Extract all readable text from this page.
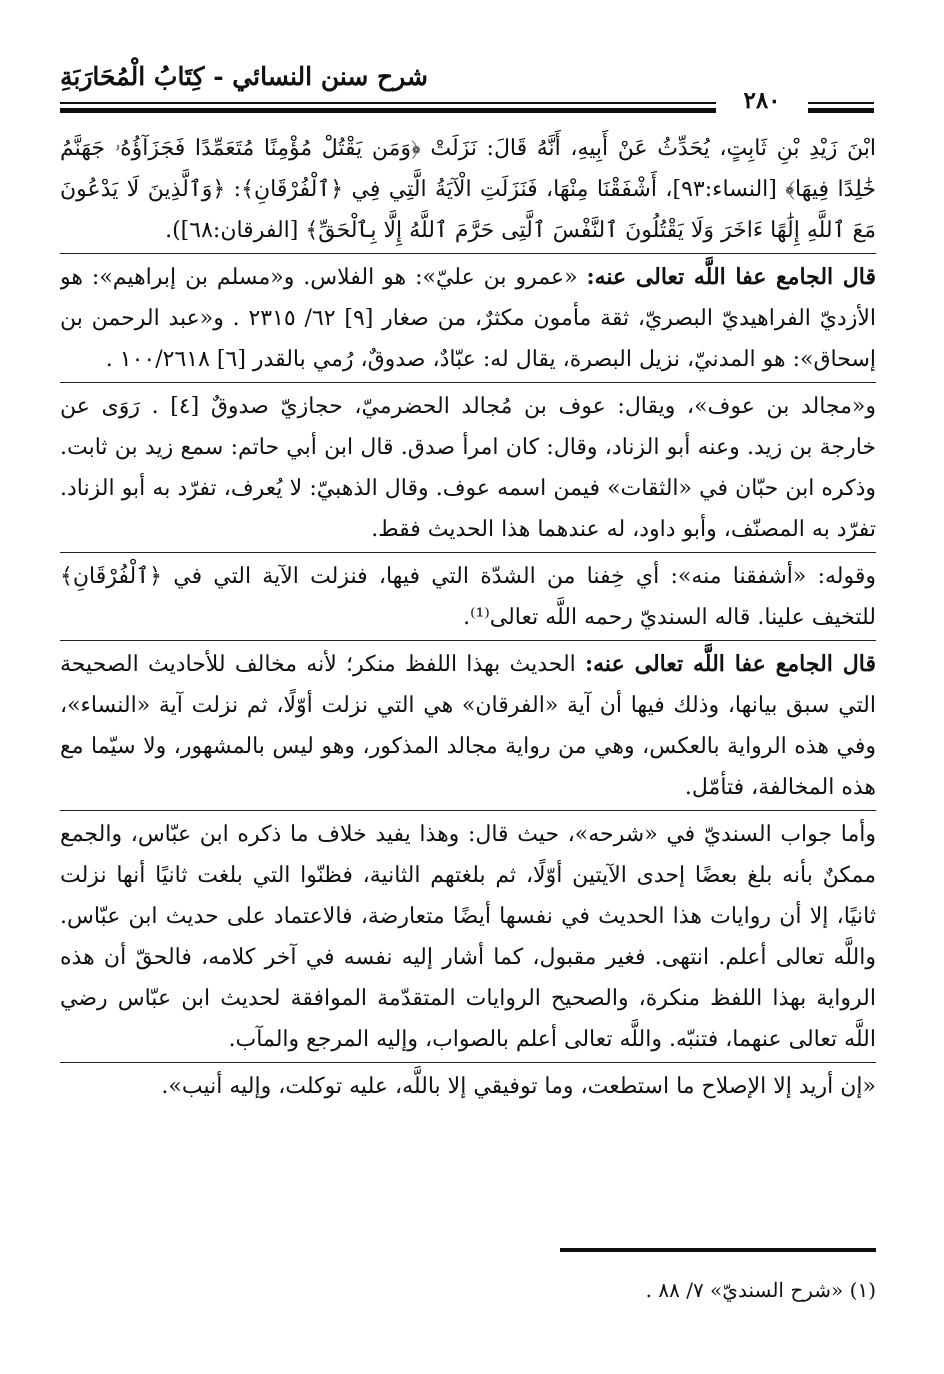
شرح سنن النسائي - كِتَابُ الْمُحَارَبَةِ
٢٨٠

ابْنَ زَيْدِ بْنِ ثَابِتٍ، يُحَدِّثُ عَنْ أَبِيهِ، أَنَّهُ قَالَ: نَزَلَتْ ﴿وَمَن يَقْتُلْ مُؤْمِنًا مُتَعَمِّدًا فَجَزَآؤُهُۥ جَهَنَّمُ خَٰلِدًا فِيهَا﴾ [النساء:٩٣]، أَشْفَقْنَا مِنْهَا، فَنَزَلَتِ الْآيَةُ الَّتِي فِي ﴿ٱلْفُرْقَانِ﴾: ﴿وَٱلَّذِينَ لَا يَدْعُونَ مَعَ ٱللَّهِ إِلَٰهًا ءَاخَرَ وَلَا يَقْتُلُونَ ٱلنَّفْسَ ٱلَّتِى حَرَّمَ ٱللَّهُ إِلَّا بِٱلْحَقِّ﴾ [الفرقان:٦٨]).

قال الجامع عفا اللَّه تعالى عنه: «عمرو بن عليّ»: هو الفلاس. و«مسلم بن إبراهيم»: هو الأزديّ الفراهيديّ البصريّ، ثقة مأمون مكثرٌ، من صغار [٩] ٦٢/ ٢٣١٥ . و«عبد الرحمن بن إسحاق»: هو المدنيّ، نزيل البصرة، يقال له: عبّادٌ، صدوقٌ، رُمي بالقدر [٦] ١٠٠/٢٦١٨ .

و«مجالد بن عوف»، ويقال: عوف بن مُجالد الحضرميّ، حجازيّ صدوقٌ [٤] . رَوَى عن خارجة بن زيد. وعنه أبو الزناد، وقال: كان امرأ صدق. قال ابن أبي حاتم: سمع زيد بن ثابت. وذكره ابن حبّان في «الثقات» فيمن اسمه عوف. وقال الذهبيّ: لا يُعرف، تفرّد به أبو الزناد. تفرّد به المصنّف، وأبو داود، له عندهما هذا الحديث فقط.

وقوله: «أشفقنا منه»: أي خِفنا من الشدّة التي فيها، فنزلت الآية التي في ﴿ٱلْفُرْقَانِ﴾ للتخيف علينا. قاله السنديّ رحمه اللَّه تعالى⁽¹⁾.

قال الجامع عفا اللَّه تعالى عنه: الحديث بهذا اللفظ منكر؛ لأنه مخالف للأحاديث الصحيحة التي سبق بيانها، وذلك فيها أن آية «الفرقان» هي التي نزلت أوّلًا، ثم نزلت آية «النساء»، وفي هذه الرواية بالعكس، وهي من رواية مجالد المذكور، وهو ليس بالمشهور، ولا سيّما مع هذه المخالفة، فتأمّل.

وأما جواب السنديّ في «شرحه»، حيث قال: وهذا يفيد خلاف ما ذكره ابن عبّاس، والجمع ممكنٌ بأنه بلغ بعضًا إحدى الآيتين أوّلًا، ثم بلغتهم الثانية، فظنّوا التي بلغت ثانيًا أنها نزلت ثانيًا، إلا أن روايات هذا الحديث في نفسها أيضًا متعارضة، فالاعتماد على حديث ابن عبّاس. واللَّه تعالى أعلم. انتهى. فغير مقبول، كما أشار إليه نفسه في آخر كلامه، فالحقّ أن هذه الرواية بهذا اللفظ منكرة، والصحيح الروايات المتقدّمة الموافقة لحديث ابن عبّاس رضي اللَّه تعالى عنهما، فتنبّه. واللَّه تعالى أعلم بالصواب، وإليه المرجع والمآب.

«إن أريد إلا الإصلاح ما استطعت، وما توفيقي إلا باللَّه، عليه توكلت، وإليه أنيب».

(١) «شرح السنديّ» ٧/ ٨٨ .
